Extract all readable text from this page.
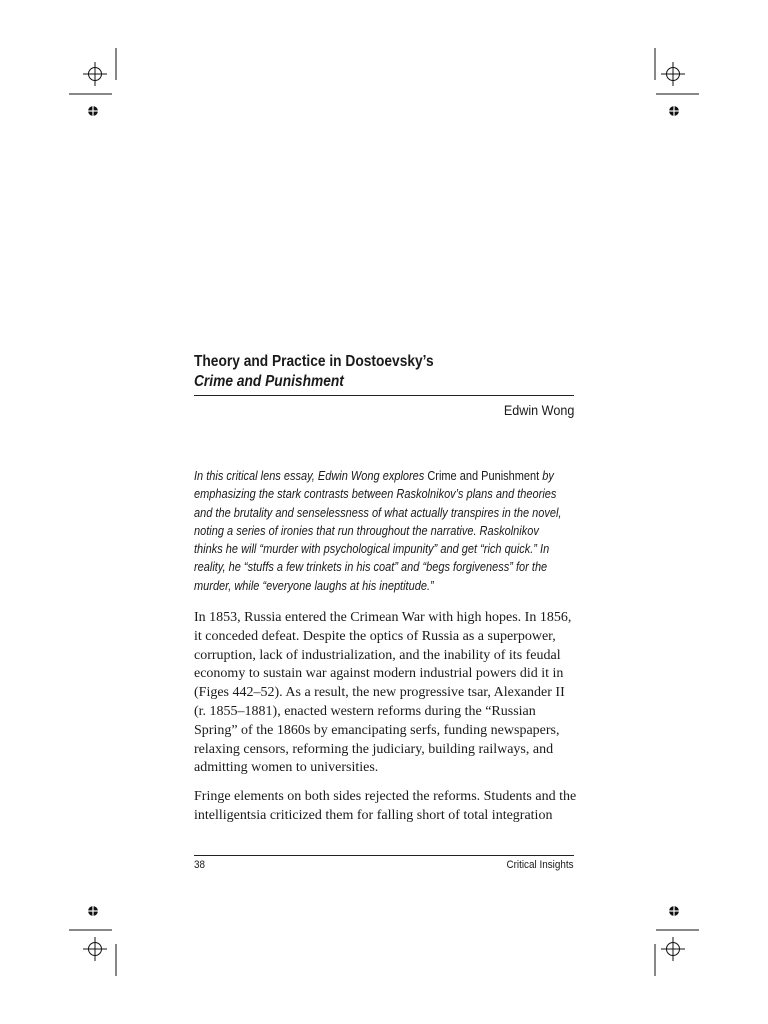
Theory and Practice in Dostoevsky’s
Crime and Punishment
Edwin Wong
In this critical lens essay, Edwin Wong explores Crime and Punishment by
emphasizing the stark contrasts between Raskolnikov’s plans and theories
and the brutality and senselessness of what actually transpires in the novel,
noting a series of ironies that run throughout the narrative. Raskolnikov
thinks he will “murder with psychological impunity” and get “rich quick.” In
reality, he “stuffs a few trinkets in his coat” and “begs forgiveness” for the
murder, while “everyone laughs at his ineptitude.”
In 1853, Russia entered the Crimean War with high hopes. In 1856,
it conceded defeat. Despite the optics of Russia as a superpower,
corruption, lack of industrialization, and the inability of its feudal
economy to sustain war against modern industrial powers did it in
(Figes 442–52). As a result, the new progressive tsar, Alexander II
(r. 1855–1881), enacted western reforms during the “Russian
Spring” of the 1860s by emancipating serfs, funding newspapers,
relaxing censors, reforming the judiciary, building railways, and
admitting women to universities.
Fringe elements on both sides rejected the reforms. Students and the
intelligentsia criticized them for falling short of total integration
38	Critical Insights
